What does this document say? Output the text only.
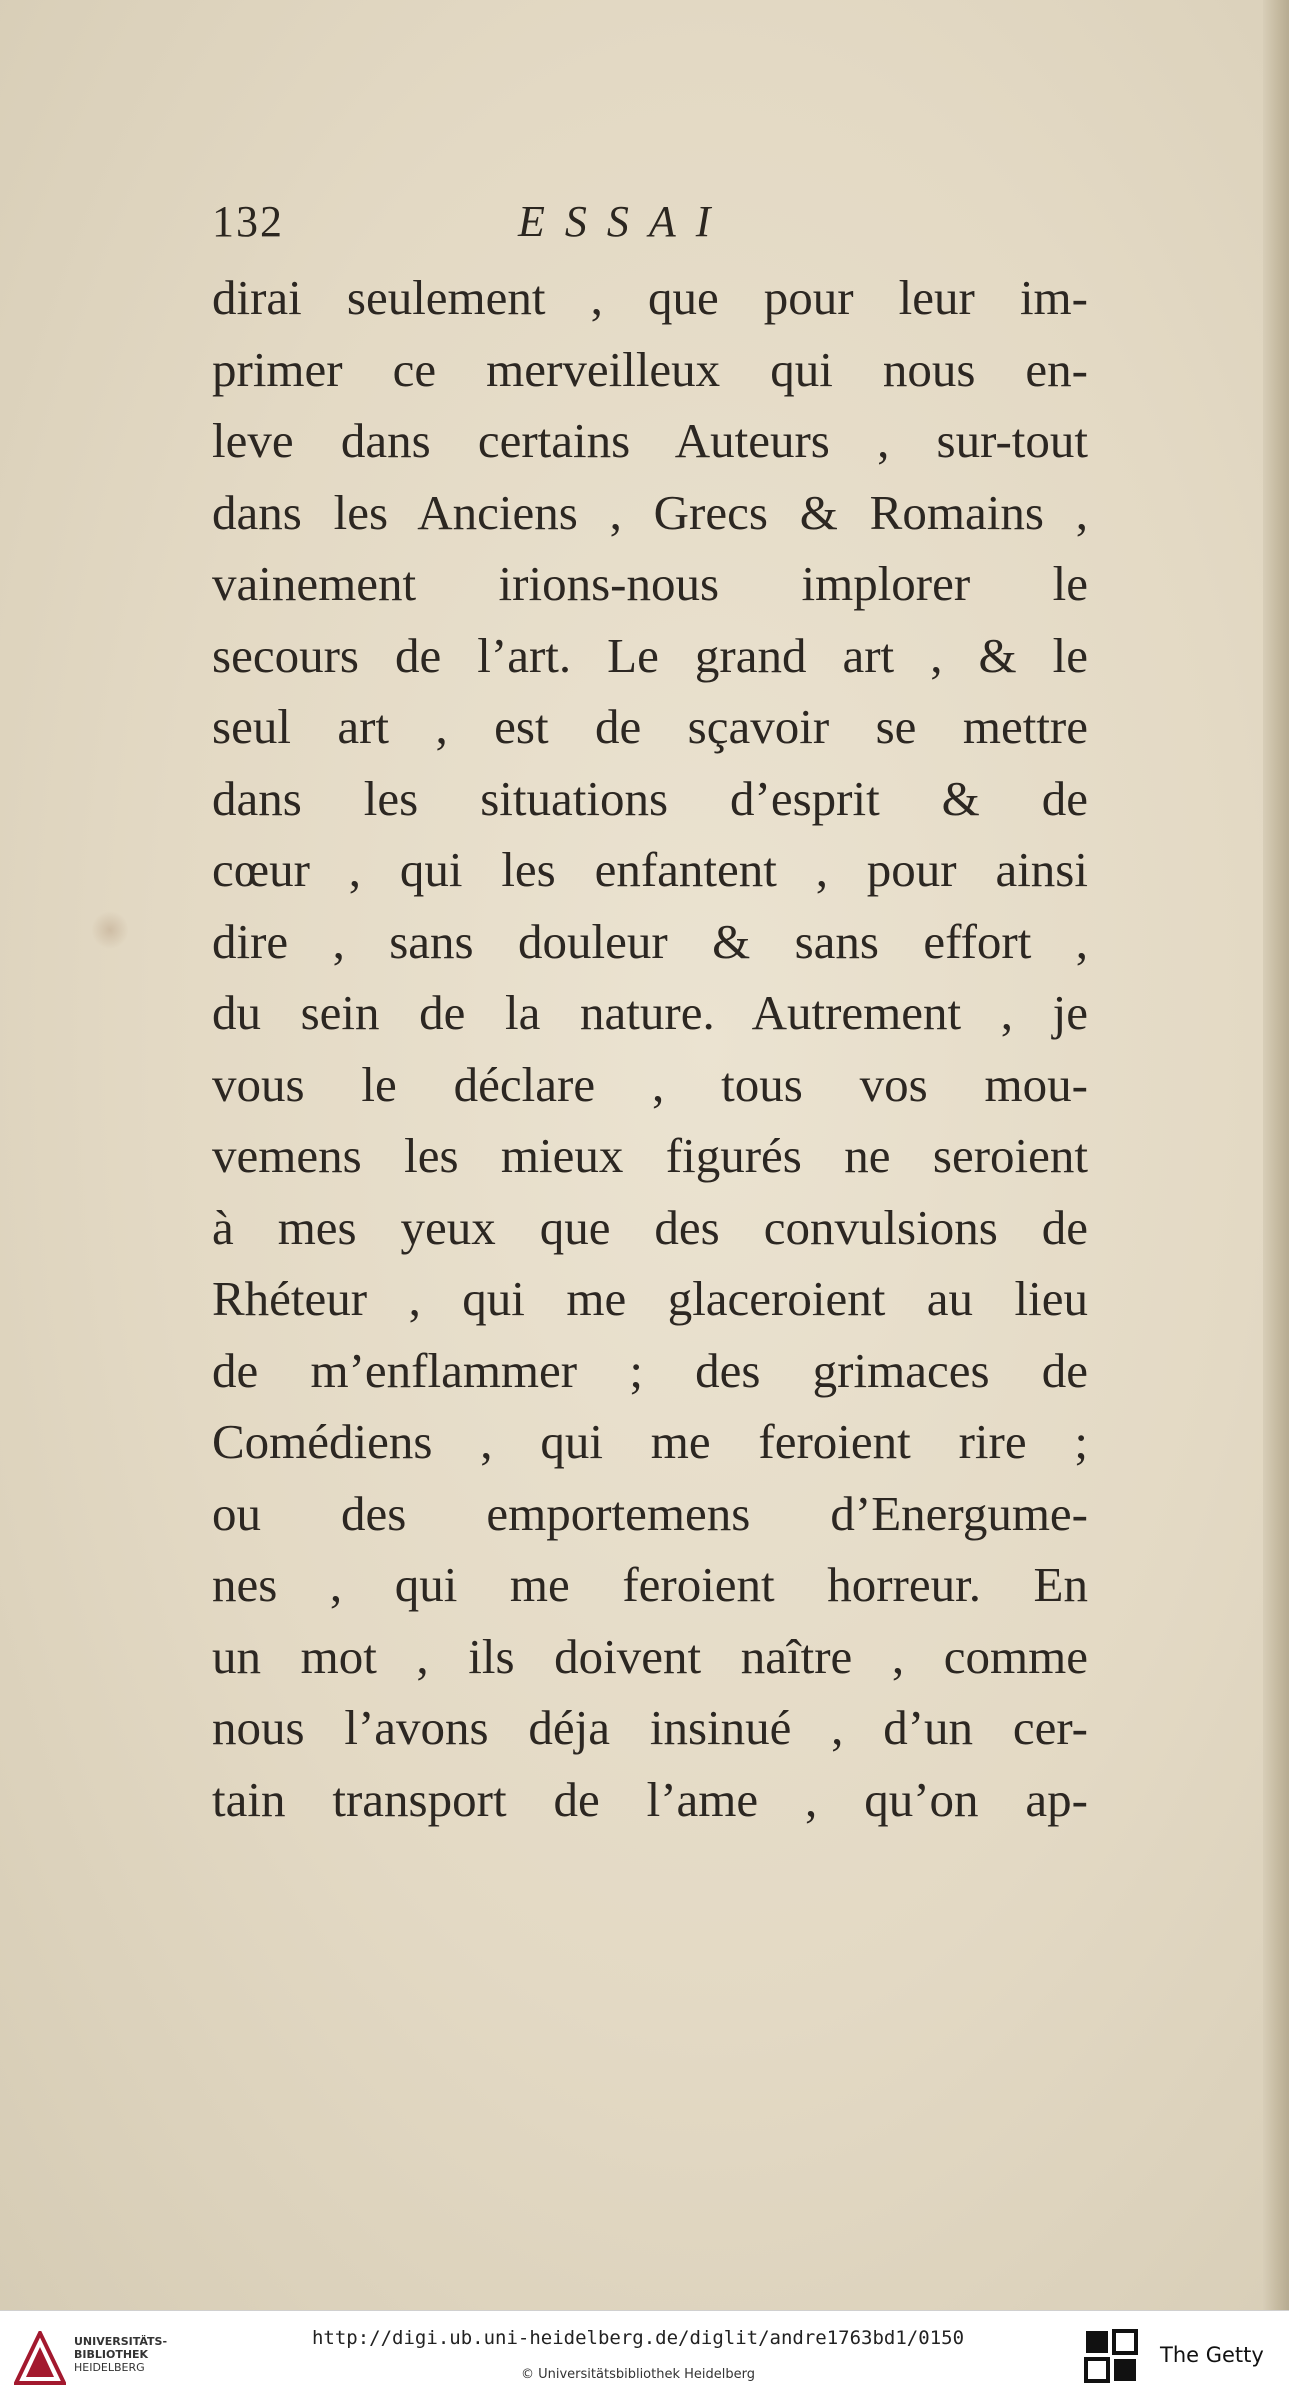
132	ESSAI
dirai seulement , que pour leur im-
primer ce merveilleux qui nous en-
leve dans certains Auteurs , sur-tout
dans les Anciens , Grecs & Romains ,
vainement irions-nous implorer le
secours de l’art. Le grand art , & le
seul art , est de sçavoir se mettre
dans les situations d’esprit & de
cœur , qui les enfantent , pour ainsi
dire , sans douleur & sans effort ,
du sein de la nature. Autrement , je
vous le déclare , tous vos mou-
vemens les mieux figurés ne seroient
à mes yeux que des convulsions de
Rhéteur , qui me glaceroient au lieu
de m’enflammer ; des grimaces de
Comédiens , qui me feroient rire ;
ou des emportemens d’Energume-
nes , qui me feroient horreur. En
un mot , ils doivent naître , comme
nous l’avons déja insinué , d’un cer-
tain transport de l’ame , qu’on ap-
UNIVERSITÄTS-
BIBLIOTHEK
HEIDELBERG
http://digi.ub.uni-heidelberg.de/diglit/andre1763bd1/0150
© Universitätsbibliothek Heidelberg
The Getty
